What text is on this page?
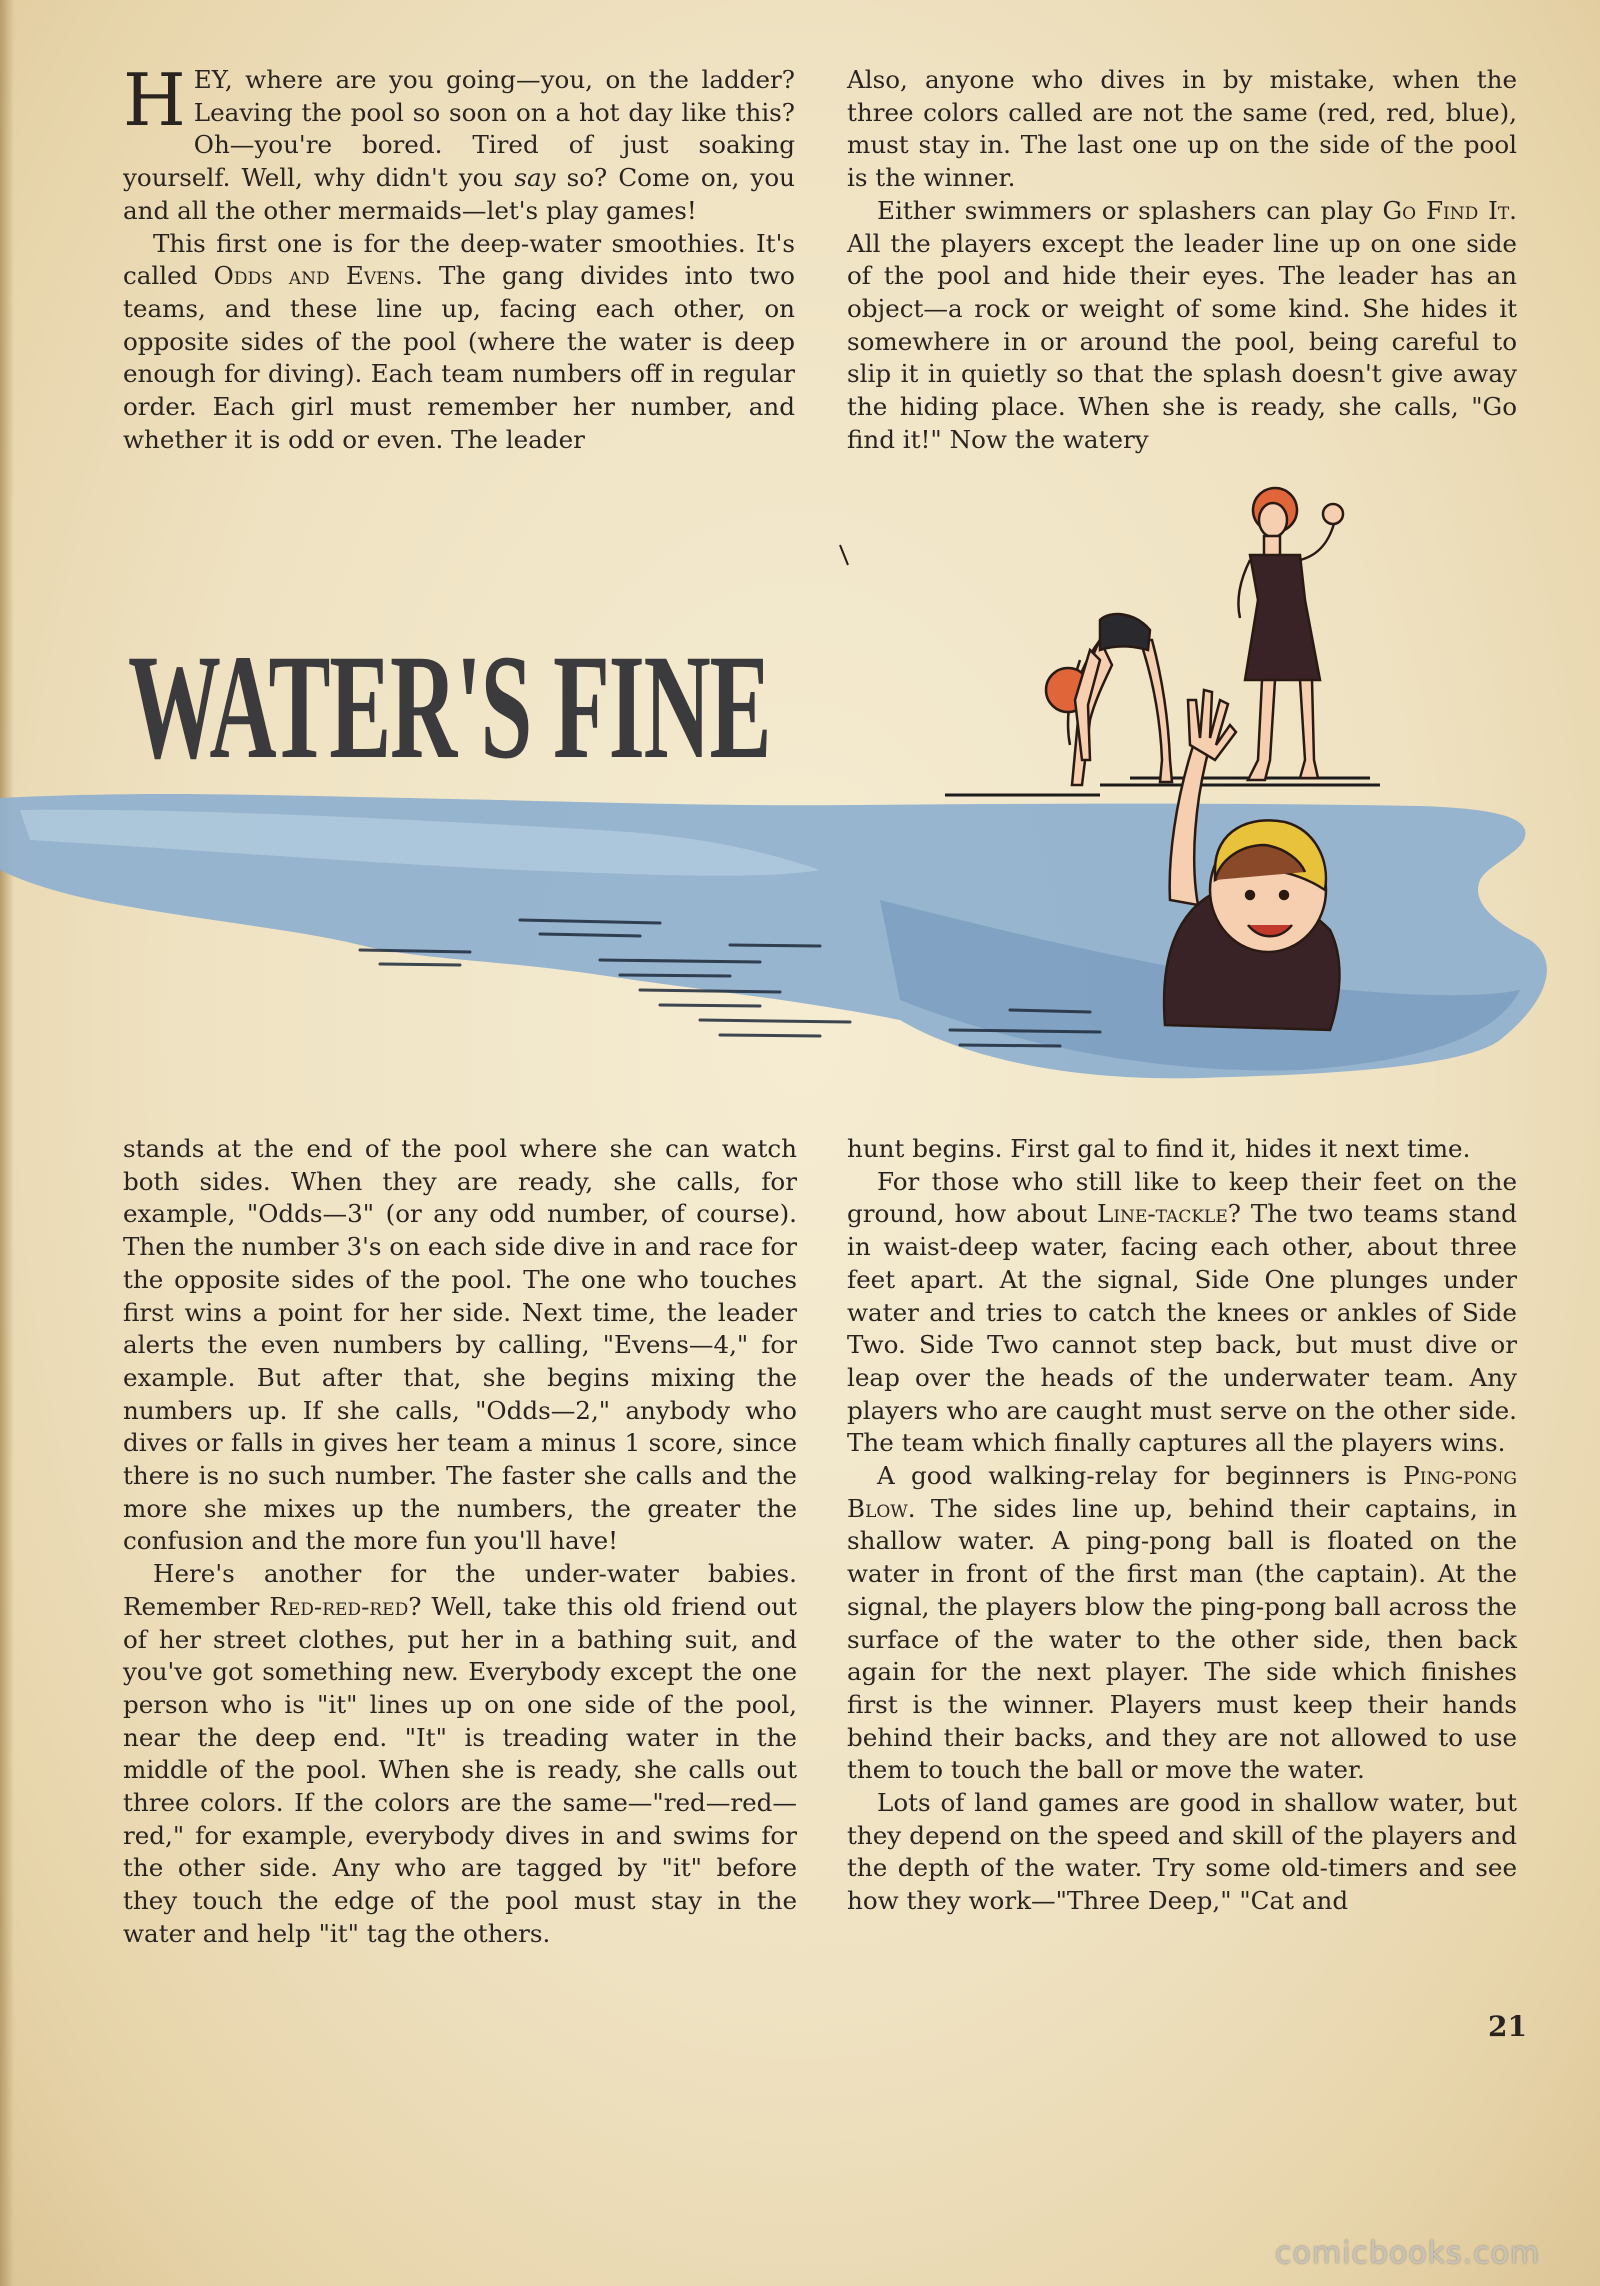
HEY, where are you going—you, on the ladder? Leaving the pool so soon on a hot day like this? Oh—you're bored. Tired of just soaking yourself. Well, why didn't you say so? Come on, you and all the other mermaids—let's play games!

This first one is for the deep-water smoothies. It's called Odds and Evens. The gang divides into two teams, and these line up, facing each other, on opposite sides of the pool (where the water is deep enough for diving). Each team numbers off in regular order. Each girl must remember her number, and whether it is odd or even. The leader

Also, anyone who dives in by mistake, when the three colors called are not the same (red, red, blue), must stay in. The last one up on the side of the pool is the winner.

Either swimmers or splashers can play Go Find It. All the players except the leader line up on one side of the pool and hide their eyes. The leader has an object—a rock or weight of some kind. She hides it somewhere in or around the pool, being careful to slip it in quietly so that the splash doesn't give away the hiding place. When she is ready, she calls, "Go find it!" Now the watery

WATER'S FINE

stands at the end of the pool where she can watch both sides. When they are ready, she calls, for example, "Odds—3" (or any odd number, of course). Then the number 3's on each side dive in and race for the opposite sides of the pool. The one who touches first wins a point for her side. Next time, the leader alerts the even numbers by calling, "Evens—4," for example. But after that, she begins mixing the numbers up. If she calls, "Odds—2," anybody who dives or falls in gives her team a minus 1 score, since there is no such number. The faster she calls and the more she mixes up the numbers, the greater the confusion and the more fun you'll have!

Here's another for the under-water babies. Remember Red-red-red? Well, take this old friend out of her street clothes, put her in a bathing suit, and you've got something new. Everybody except the one person who is "it" lines up on one side of the pool, near the deep end. "It" is treading water in the middle of the pool. When she is ready, she calls out three colors. If the colors are the same—"red—red—red," for example, everybody dives in and swims for the other side. Any who are tagged by "it" before they touch the edge of the pool must stay in the water and help "it" tag the others.

hunt begins. First gal to find it, hides it next time.

For those who still like to keep their feet on the ground, how about Line-tackle? The two teams stand in waist-deep water, facing each other, about three feet apart. At the signal, Side One plunges under water and tries to catch the knees or ankles of Side Two. Side Two cannot step back, but must dive or leap over the heads of the underwater team. Any players who are caught must serve on the other side. The team which finally captures all the players wins.

A good walking-relay for beginners is Ping-pong Blow. The sides line up, behind their captains, in shallow water. A ping-pong ball is floated on the water in front of the first man (the captain). At the signal, the players blow the ping-pong ball across the surface of the water to the other side, then back again for the next player. The side which finishes first is the winner. Players must keep their hands behind their backs, and they are not allowed to use them to touch the ball or move the water.

Lots of land games are good in shallow water, but they depend on the speed and skill of the players and the depth of the water. Try some old-timers and see how they work—"Three Deep," "Cat and

21
comicbooks.com
